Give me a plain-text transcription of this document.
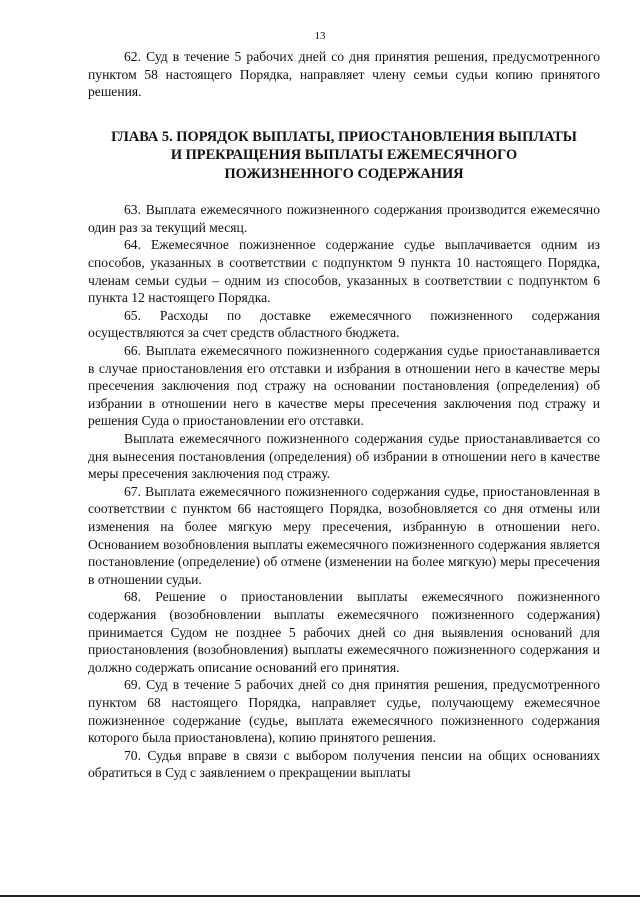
13

62. Суд в течение 5 рабочих дней со дня принятия решения, предусмотренного пунктом 58 настоящего Порядка, направляет члену семьи судьи копию принятого решения.

ГЛАВА 5. ПОРЯДОК ВЫПЛАТЫ, ПРИОСТАНОВЛЕНИЯ ВЫПЛАТЫ
И ПРЕКРАЩЕНИЯ ВЫПЛАТЫ ЕЖЕМЕСЯЧНОГО
ПОЖИЗНЕННОГО СОДЕРЖАНИЯ

63. Выплата ежемесячного пожизненного содержания производится ежемесячно один раз за текущий месяц.

64. Ежемесячное пожизненное содержание судье выплачивается одним из способов, указанных в соответствии с подпунктом 9 пункта 10 настоящего Порядка, членам семьи судьи – одним из способов, указанных в соответствии с подпунктом 6 пункта 12 настоящего Порядка.

65. Расходы по доставке ежемесячного пожизненного содержания осуществляются за счет средств областного бюджета.

66. Выплата ежемесячного пожизненного содержания судье приостанавливается в случае приостановления его отставки и избрания в отношении него в качестве меры пресечения заключения под стражу на основании постановления (определения) об избрании в отношении него в качестве меры пресечения заключения под стражу и решения Суда о приостановлении его отставки.

Выплата ежемесячного пожизненного содержания судье приостанавливается со дня вынесения постановления (определения) об избрании в отношении него в качестве меры пресечения заключения под стражу.

67. Выплата ежемесячного пожизненного содержания судье, приостановленная в соответствии с пунктом 66 настоящего Порядка, возобновляется со дня отмены или изменения на более мягкую меру пресечения, избранную в отношении него. Основанием возобновления выплаты ежемесячного пожизненного содержания является постановление (определение) об отмене (изменении на более мягкую) меры пресечения в отношении судьи.

68. Решение о приостановлении выплаты ежемесячного пожизненного содержания (возобновлении выплаты ежемесячного пожизненного содержания) принимается Судом не позднее 5 рабочих дней со дня выявления оснований для приостановления (возобновления) выплаты ежемесячного пожизненного содержания и должно содержать описание оснований его принятия.

69. Суд в течение 5 рабочих дней со дня принятия решения, предусмотренного пунктом 68 настоящего Порядка, направляет судье, получающему ежемесячное пожизненное содержание (судье, выплата ежемесячного пожизненного содержания которого была приостановлена), копию принятого решения.

70. Судья вправе в связи с выбором получения пенсии на общих основаниях обратиться в Суд с заявлением о прекращении выплаты
